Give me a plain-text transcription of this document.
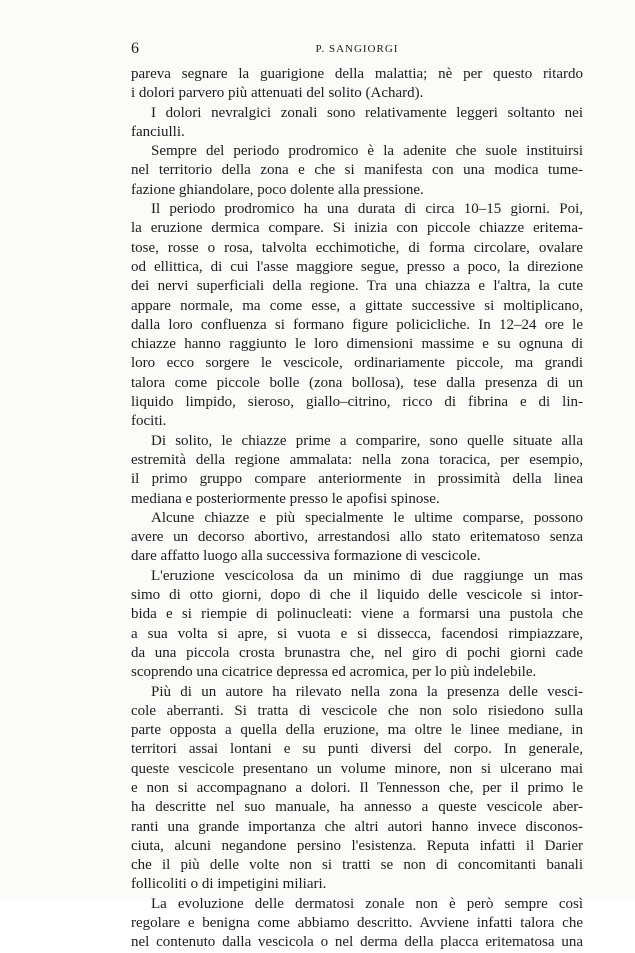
6	P. SANGIORGI
pareva segnare la guarigione della malattia; nè per questo ritardo
i dolori parvero più attenuati del solito (Achard).
I dolori nevralgici zonali sono relativamente leggeri soltanto nei
fanciulli.
Sempre del periodo prodromico è la adenite che suole instituirsi
nel territorio della zona e che si manifesta con una modica tume-
fazione ghiandolare, poco dolente alla pressione.
Il periodo prodromico ha una durata di circa 10–15 giorni. Poi,
la eruzione dermica compare. Si inizia con piccole chiazze eritema-
tose, rosse o rosa, talvolta ecchimotiche, di forma circolare, ovalare
od ellittica, di cui l'asse maggiore segue, presso a poco, la direzione
dei nervi superficiali della regione. Tra una chiazza e l'altra, la cute
appare normale, ma come esse, a gittate successive si moltiplicano,
dalla loro confluenza si formano figure policicliche. In 12–24 ore le
chiazze hanno raggiunto le loro dimensioni massime e su ognuna di
loro ecco sorgere le vescicole, ordinariamente piccole, ma grandi
talora come piccole bolle (zona bollosa), tese dalla presenza di un
liquido limpido, sieroso, giallo–citrino, ricco di fibrina e di lin-
fociti.
Di solito, le chiazze prime a comparire, sono quelle situate alla
estremità della regione ammalata: nella zona toracica, per esempio,
il primo gruppo compare anteriormente in prossimità della linea
mediana e posteriormente presso le apofisi spinose.
Alcune chiazze e più specialmente le ultime comparse, possono
avere un decorso abortivo, arrestandosi allo stato eritematoso senza
dare affatto luogo alla successiva formazione di vescicole.
L'eruzione vescicolosa da un minimo di due raggiunge un mas
simo di otto giorni, dopo di che il liquido delle vescicole si intor-
bida e si riempie di polinucleati: viene a formarsi una pustola che
a sua volta si apre, si vuota e si dissecca, facendosi rimpiazzare,
da una piccola crosta brunastra che, nel giro di pochi giorni cade
scoprendo una cicatrice depressa ed acromica, per lo più indelebile.
Più di un autore ha rilevato nella zona la presenza delle vesci-
cole aberranti. Si tratta di vescicole che non solo risiedono sulla
parte opposta a quella della eruzione, ma oltre le linee mediane, in
territori assai lontani e su punti diversi del corpo. In generale,
queste vescicole presentano un volume minore, non si ulcerano mai
e non si accompagnano a dolori. Il Tennesson che, per il primo le
ha descritte nel suo manuale, ha annesso a queste vescicole aber-
ranti una grande importanza che altri autori hanno invece disconos-
ciuta, alcuni negandone persino l'esistenza. Reputa infatti il Darier
che il più delle volte non si tratti se non di concomitanti banali
follicoliti o di impetigini miliari.
La evoluzione delle dermatosi zonale non è però sempre così
regolare e benigna come abbiamo descritto. Avviene infatti talora che
nel contenuto dalla vescicola o nel derma della placca eritematosa una
